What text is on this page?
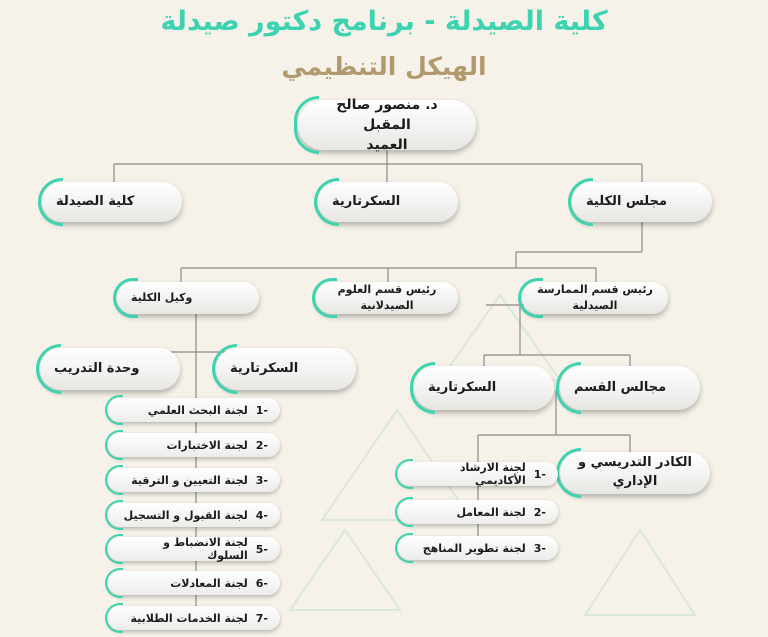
كلية الصيدلة - برنامج دكتور صيدلة
الهيكل التنظيمي
د. منصور صالح المقبل
العميد
مجلس الكلية
السكرتارية
كلية الصيدلة
وكيل الكلية
رئيس قسم العلوم الصيدلانية
رئيس قسم الممارسة الصيدلية
وحدة التدريب	السكرتارية
السكرتارية	مجالس القسم
الكادر التدريسي و الإداري
-1
لجنة البحث العلمي
-2
لجنة الاختبارات
-3
لجنة التعيين و الترقية
-4
لجنة القبول و التسجيل
-5
لجنة الانضباط و السلوك
-6
لجنة المعادلات
-7
لجنة الخدمات الطلابية
-1
لجنة الارشاد الأكاديمي
-2
لجنة المعامل
-3
لجنة تطوير المناهج
